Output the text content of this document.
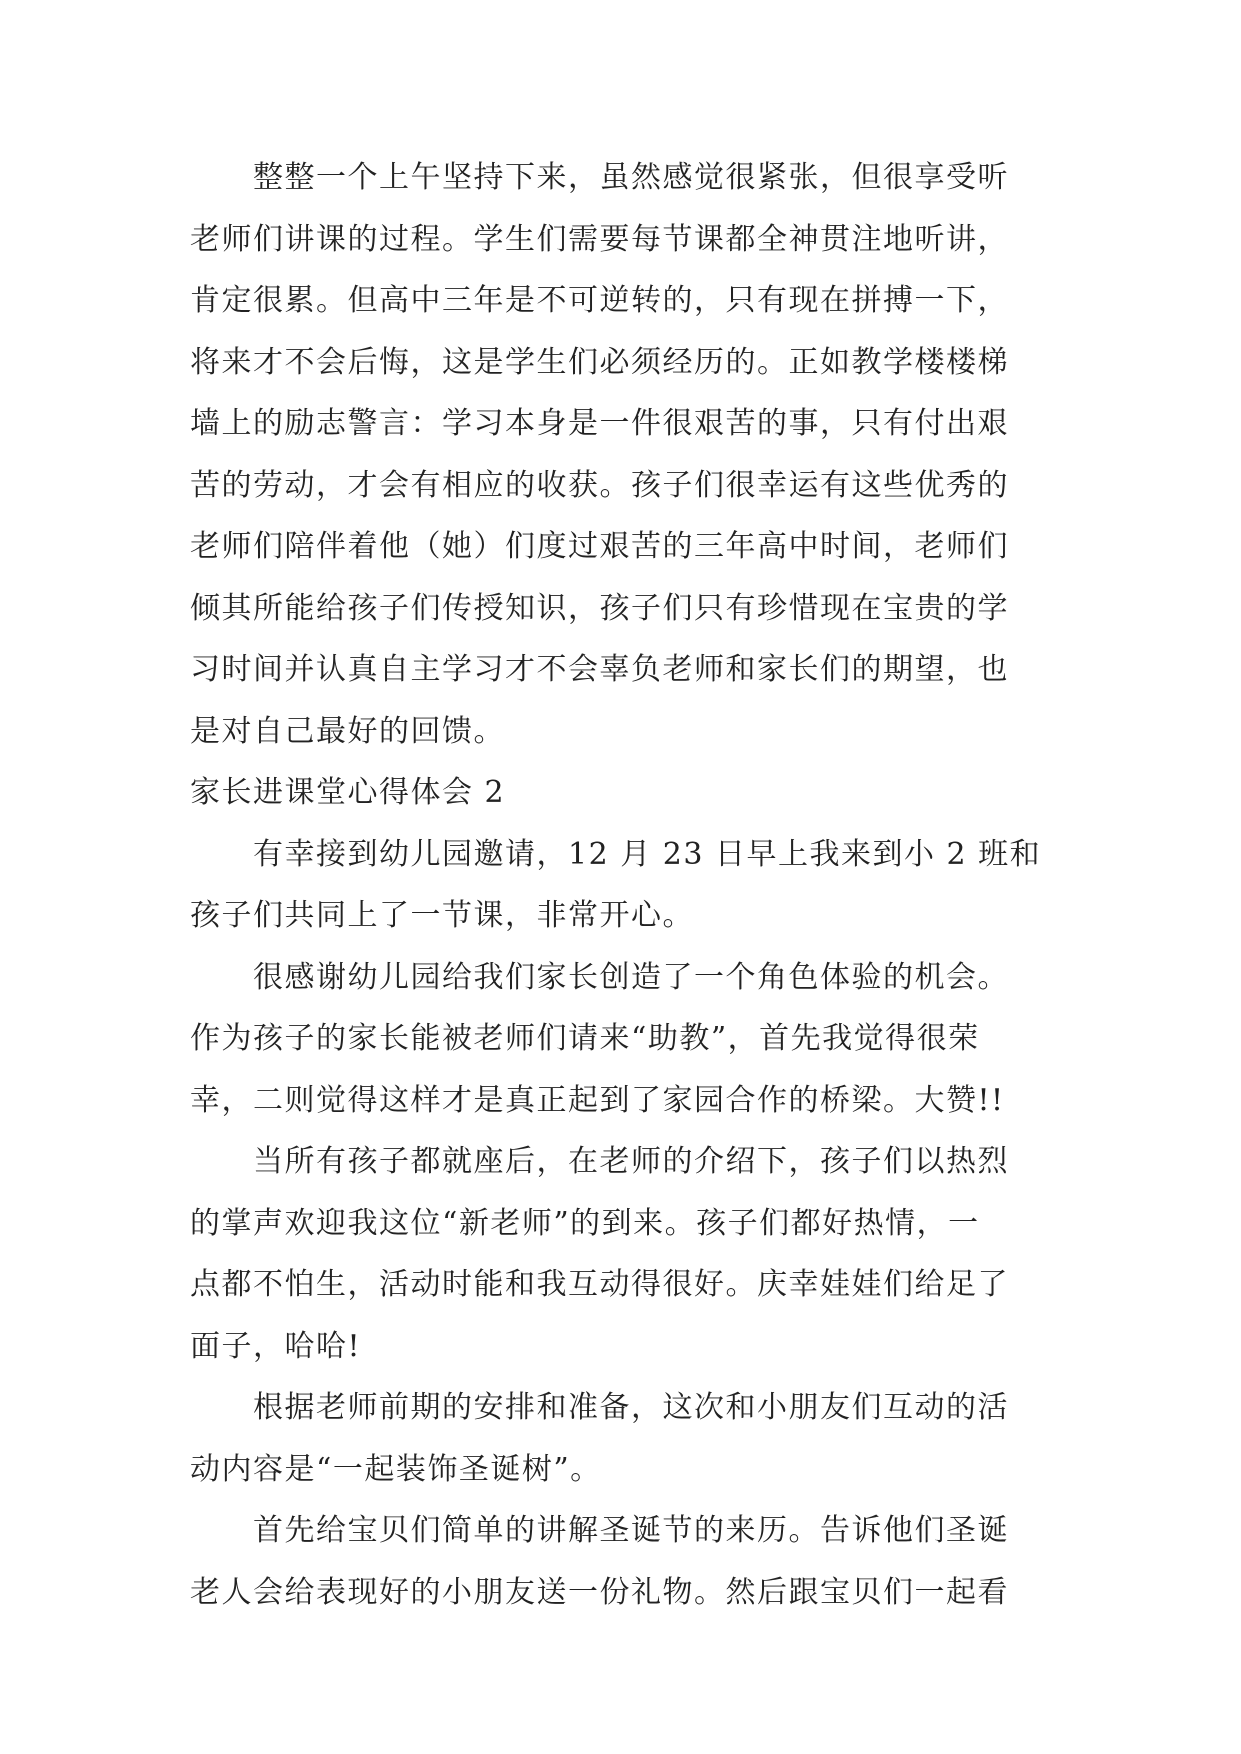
　　整整一个上午坚持下来，虽然感觉很紧张，但很享受听
老师们讲课的过程。学生们需要每节课都全神贯注地听讲，
肯定很累。但高中三年是不可逆转的，只有现在拼搏一下，
将来才不会后悔，这是学生们必须经历的。正如教学楼楼梯
墙上的励志警言：学习本身是一件很艰苦的事，只有付出艰
苦的劳动，才会有相应的收获。孩子们很幸运有这些优秀的
老师们陪伴着他（她）们度过艰苦的三年高中时间，老师们
倾其所能给孩子们传授知识，孩子们只有珍惜现在宝贵的学
习时间并认真自主学习才不会辜负老师和家长们的期望，也
是对自己最好的回馈。
家长进课堂心得体会 2
　　有幸接到幼儿园邀请，12 月 23 日早上我来到小 2 班和
孩子们共同上了一节课，非常开心。
　　很感谢幼儿园给我们家长创造了一个角色体验的机会。
作为孩子的家长能被老师们请来“助教”，首先我觉得很荣
幸，二则觉得这样才是真正起到了家园合作的桥梁。大赞!!
　　当所有孩子都就座后，在老师的介绍下，孩子们以热烈
的掌声欢迎我这位“新老师”的到来。孩子们都好热情，一
点都不怕生，活动时能和我互动得很好。庆幸娃娃们给足了
面子，哈哈!
　　根据老师前期的安排和准备，这次和小朋友们互动的活
动内容是“一起装饰圣诞树”。
　　首先给宝贝们简单的讲解圣诞节的来历。告诉他们圣诞
老人会给表现好的小朋友送一份礼物。然后跟宝贝们一起看
